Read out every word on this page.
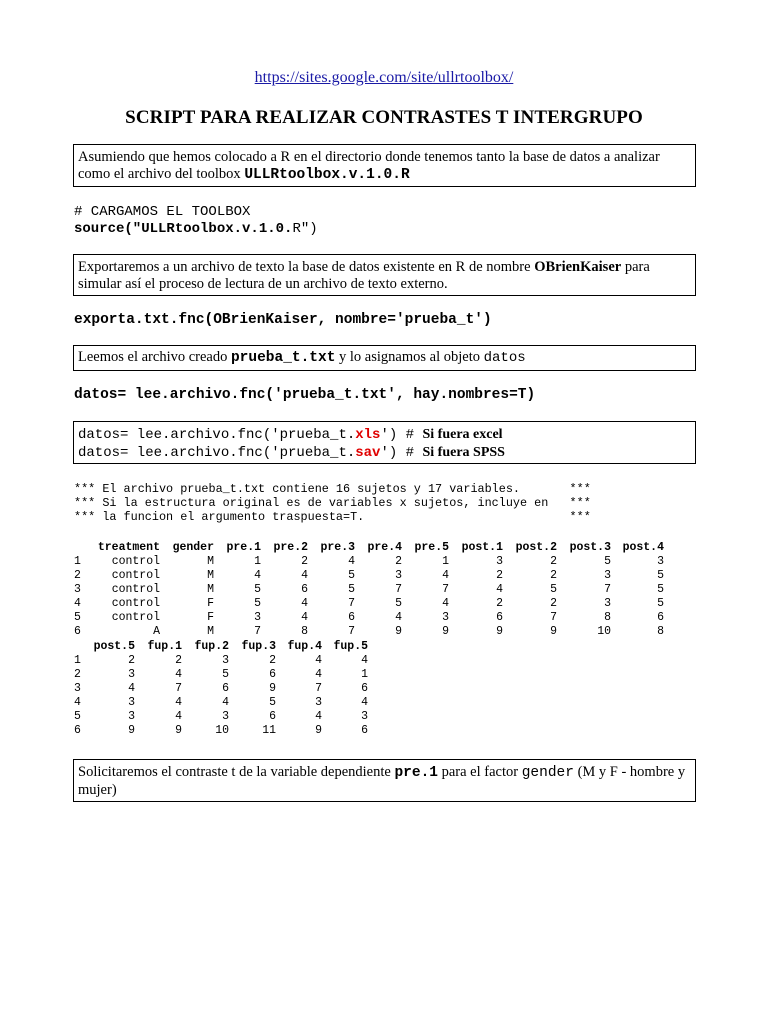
https://sites.google.com/site/ullrtoolbox/
SCRIPT PARA REALIZAR CONTRASTES T INTERGRUPO
Asumiendo que hemos colocado a R en el directorio donde tenemos tanto la base de datos a analizar como el archivo del toolbox ULLRtoolbox.v.1.0.R
# CARGAMOS EL TOOLBOX
source("ULLRtoolbox.v.1.0.R")
Exportaremos a un archivo de texto la base de datos existente en R de nombre OBrienKaiser para simular así el proceso de lectura de un archivo de texto externo.
exporta.txt.fnc(OBrienKaiser, nombre='prueba_t')
Leemos el archivo creado prueba_t.txt y lo asignamos al objeto datos
datos= lee.archivo.fnc('prueba_t.txt', hay.nombres=T)
datos= lee.archivo.fnc('prueba_t.xls') # Si fuera excel
datos= lee.archivo.fnc('prueba_t.sav') # Si fuera SPSS
*** El archivo prueba_t.txt contiene 16 sujetos y 17 variables.       ***
*** Si la estructura original es de variables x sujetos, incluye en   ***
*** la funcion el argumento traspuesta=T.                             ***
	treatment	gender	pre.1	pre.2	pre.3	pre.4	pre.5	post.1	post.2	post.3	post.4
1	control	M	1	2	4	2	1	3	2	5	3
2	control	M	4	4	5	3	4	2	2	3	5
3	control	M	5	6	5	7	7	4	5	7	5
4	control	F	5	4	7	5	4	2	2	3	5
5	control	F	3	4	6	4	3	6	7	8	6
6	A	M	7	8	7	9	9	9	9	10	8
	post.5	fup.1	fup.2	fup.3	fup.4	fup.5
1	2	2	3	2	4	4
2	3	4	5	6	4	1
3	4	7	6	9	7	6
4	3	4	4	5	3	4
5	3	4	3	6	4	3
6	9	9	10	11	9	6
Solicitaremos el contraste t de la variable dependiente pre.1 para el factor gender (M y F - hombre y mujer)
